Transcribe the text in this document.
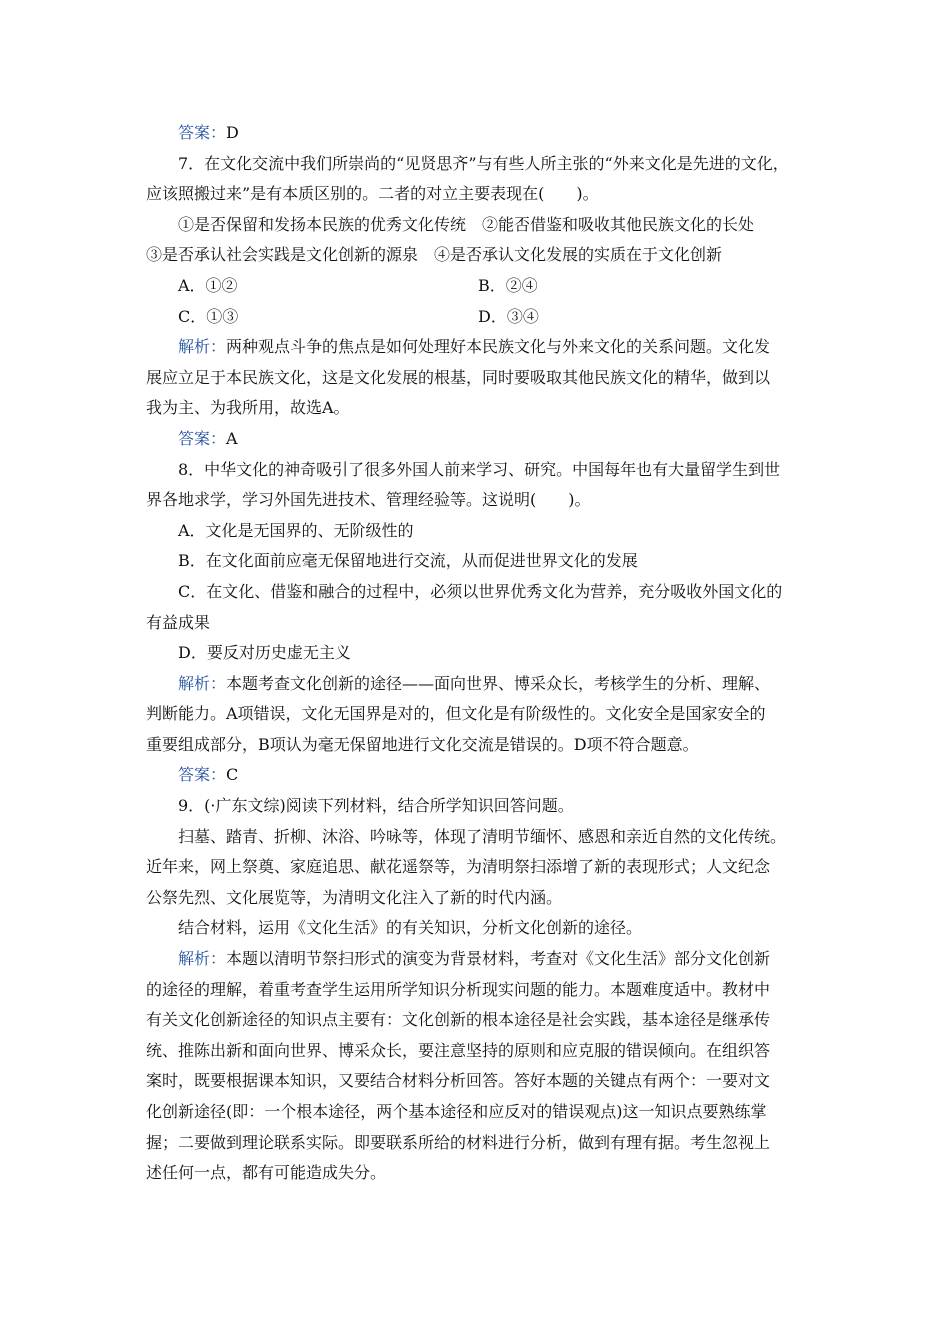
答案：D
7．在文化交流中我们所崇尚的“见贤思齐”与有些人所主张的“外来文化是先进的文化，
应该照搬过来”是有本质区别的。二者的对立主要表现在(　　)。
①是否保留和发扬本民族的优秀文化传统　②能否借鉴和吸收其他民族文化的长处
③是否承认社会实践是文化创新的源泉　④是否承认文化发展的实质在于文化创新
A．①②	B．②④
C．①③	D．③④
解析：两种观点斗争的焦点是如何处理好本民族文化与外来文化的关系问题。文化发
展应立足于本民族文化，这是文化发展的根基，同时要吸取其他民族文化的精华，做到以
我为主、为我所用，故选A。
答案：A
8．中华文化的神奇吸引了很多外国人前来学习、研究。中国每年也有大量留学生到世
界各地求学，学习外国先进技术、管理经验等。这说明(　　)。
A．文化是无国界的、无阶级性的
B．在文化面前应毫无保留地进行交流，从而促进世界文化的发展
C．在文化、借鉴和融合的过程中，必须以世界优秀文化为营养，充分吸收外国文化的
有益成果
D．要反对历史虚无主义
解析：本题考查文化创新的途径——面向世界、博采众长，考核学生的分析、理解、
判断能力。A项错误，文化无国界是对的，但文化是有阶级性的。文化安全是国家安全的
重要组成部分，B项认为毫无保留地进行文化交流是错误的。D项不符合题意。
答案：C
9．(·广东文综)阅读下列材料，结合所学知识回答问题。
扫墓、踏青、折柳、沐浴、吟咏等，体现了清明节缅怀、感恩和亲近自然的文化传统。
近年来，网上祭奠、家庭追思、献花遥祭等，为清明祭扫添增了新的表现形式；人文纪念
公祭先烈、文化展览等，为清明文化注入了新的时代内涵。
结合材料，运用《文化生活》的有关知识，分析文化创新的途径。
解析：本题以清明节祭扫形式的演变为背景材料，考查对《文化生活》部分文化创新
的途径的理解，着重考查学生运用所学知识分析现实问题的能力。本题难度适中。教材中
有关文化创新途径的知识点主要有：文化创新的根本途径是社会实践，基本途径是继承传
统、推陈出新和面向世界、博采众长，要注意坚持的原则和应克服的错误倾向。在组织答
案时，既要根据课本知识，又要结合材料分析回答。答好本题的关键点有两个：一要对文
化创新途径(即：一个根本途径，两个基本途径和应反对的错误观点)这一知识点要熟练掌
握；二要做到理论联系实际。即要联系所给的材料进行分析，做到有理有据。考生忽视上
述任何一点，都有可能造成失分。
